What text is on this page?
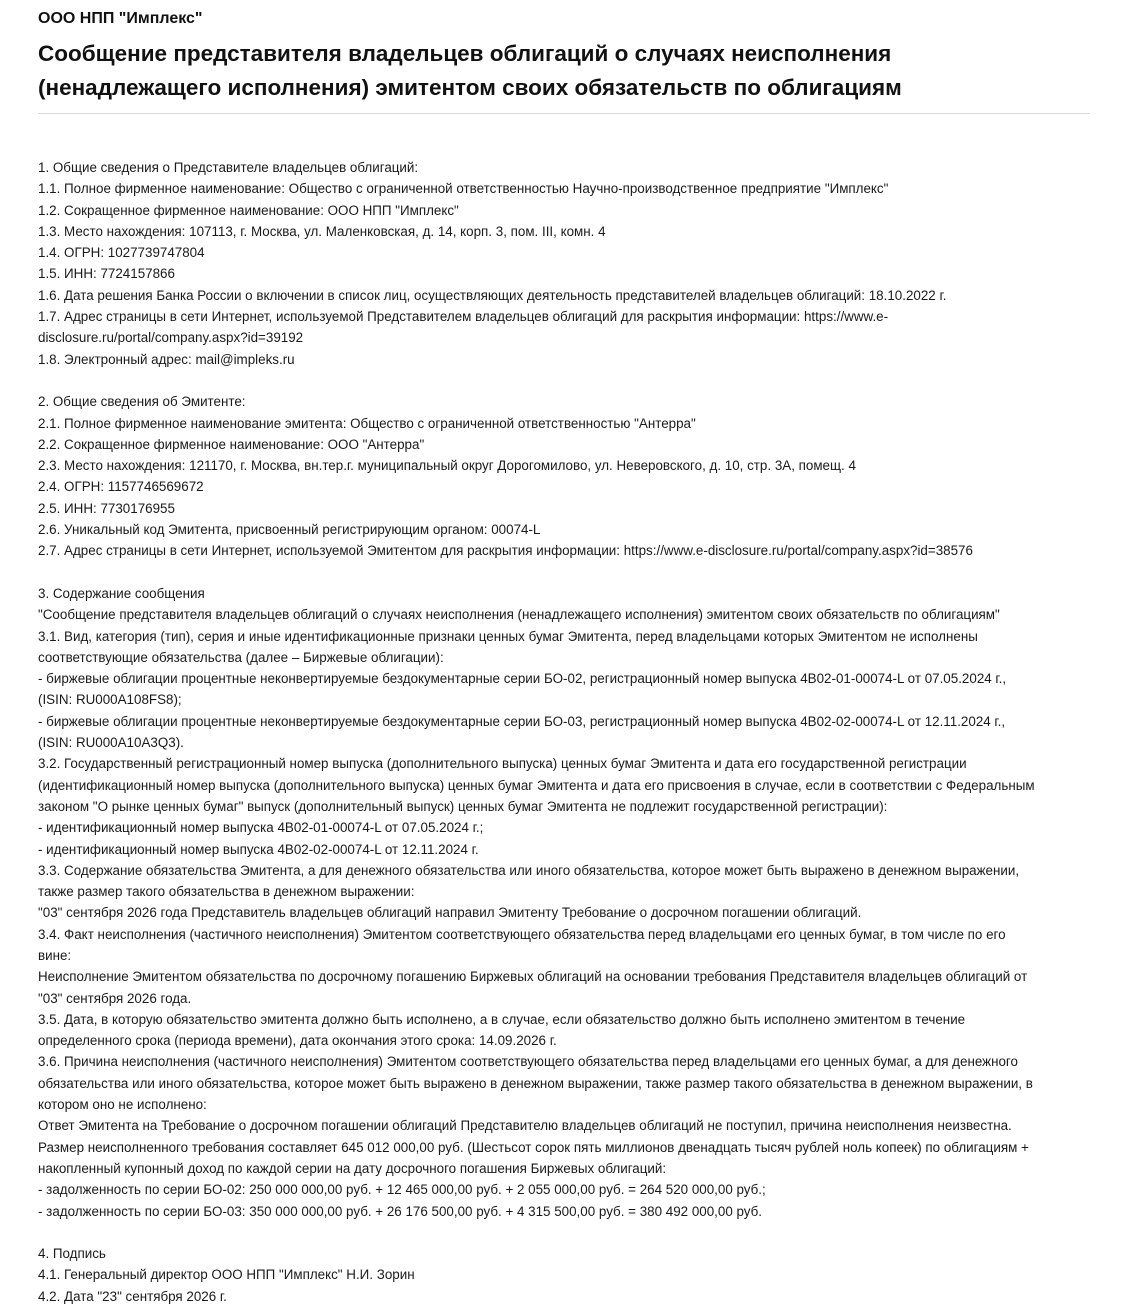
ООО НПП "Имплекс"
Сообщение представителя владельцев облигаций о случаях неисполнения
(ненадлежащего исполнения) эмитентом своих обязательств по облигациям
1. Общие сведения о Представителе владельцев облигаций:
1.1. Полное фирменное наименование: Общество с ограниченной ответственностью Научно-производственное предприятие "Имплекс"
1.2. Сокращенное фирменное наименование: ООО НПП "Имплекс"
1.3. Место нахождения: 107113, г. Москва, ул. Маленковская, д. 14, корп. 3, пом. III, комн. 4
1.4. ОГРН: 1027739747804
1.5. ИНН: 7724157866
1.6. Дата решения Банка России о включении в список лиц, осуществляющих деятельность представителей владельцев облигаций: 18.10.2022 г.
1.7. Адрес страницы в сети Интернет, используемой Представителем владельцев облигаций для раскрытия информации: https://www.e-
disclosure.ru/portal/company.aspx?id=39192
1.8. Электронный адрес: mail@impleks.ru
2. Общие сведения об Эмитенте:
2.1. Полное фирменное наименование эмитента: Общество с ограниченной ответственностью "Антерра"
2.2. Сокращенное фирменное наименование: ООО "Антерра"
2.3. Место нахождения: 121170, г. Москва, вн.тер.г. муниципальный округ Дорогомилово, ул. Неверовского, д. 10, стр. 3А, помещ. 4
2.4. ОГРН: 1157746569672
2.5. ИНН: 7730176955
2.6. Уникальный код Эмитента, присвоенный регистрирующим органом: 00074-L
2.7. Адрес страницы в сети Интернет, используемой Эмитентом для раскрытия информации: https://www.e-disclosure.ru/portal/company.aspx?id=38576
3. Содержание сообщения
"Сообщение представителя владельцев облигаций о случаях неисполнения (ненадлежащего исполнения) эмитентом своих обязательств по облигациям"
3.1. Вид, категория (тип), серия и иные идентификационные признаки ценных бумаг Эмитента, перед владельцами которых Эмитентом не исполнены
соответствующие обязательства (далее – Биржевые облигации):
- биржевые облигации процентные неконвертируемые бездокументарные серии БО-02, регистрационный номер выпуска 4B02-01-00074-L от 07.05.2024 г.,
(ISIN: RU000A108FS8);
- биржевые облигации процентные неконвертируемые бездокументарные серии БО-03, регистрационный номер выпуска 4B02-02-00074-L от 12.11.2024 г.,
(ISIN: RU000A10A3Q3).
3.2. Государственный регистрационный номер выпуска (дополнительного выпуска) ценных бумаг Эмитента и дата его государственной регистрации
(идентификационный номер выпуска (дополнительного выпуска) ценных бумаг Эмитента и дата его присвоения в случае, если в соответствии с Федеральным
законом "О рынке ценных бумаг" выпуск (дополнительный выпуск) ценных бумаг Эмитента не подлежит государственной регистрации):
- идентификационный номер выпуска 4B02-01-00074-L от 07.05.2024 г.;
- идентификационный номер выпуска 4B02-02-00074-L от 12.11.2024 г.
3.3. Содержание обязательства Эмитента, а для денежного обязательства или иного обязательства, которое может быть выражено в денежном выражении,
также размер такого обязательства в денежном выражении:
"03" сентября 2026 года Представитель владельцев облигаций направил Эмитенту Требование о досрочном погашении облигаций.
3.4. Факт неисполнения (частичного неисполнения) Эмитентом соответствующего обязательства перед владельцами его ценных бумаг, в том числе по его
вине:
Неисполнение Эмитентом обязательства по досрочному погашению Биржевых облигаций на основании требования Представителя владельцев облигаций от
"03" сентября 2026 года.
3.5. Дата, в которую обязательство эмитента должно быть исполнено, а в случае, если обязательство должно быть исполнено эмитентом в течение
определенного срока (периода времени), дата окончания этого срока: 14.09.2026 г.
3.6. Причина неисполнения (частичного неисполнения) Эмитентом соответствующего обязательства перед владельцами его ценных бумаг, а для денежного
обязательства или иного обязательства, которое может быть выражено в денежном выражении, также размер такого обязательства в денежном выражении, в
котором оно не исполнено:
Ответ Эмитента на Требование о досрочном погашении облигаций Представителю владельцев облигаций не поступил, причина неисполнения неизвестна.
Размер неисполненного требования составляет 645 012 000,00 руб. (Шестьсот сорок пять миллионов двенадцать тысяч рублей ноль копеек) по облигациям +
накопленный купонный доход по каждой серии на дату досрочного погашения Биржевых облигаций:
- задолженность по серии БО-02: 250 000 000,00 руб. + 12 465 000,00 руб. + 2 055 000,00 руб. = 264 520 000,00 руб.;
- задолженность по серии БО-03: 350 000 000,00 руб. + 26 176 500,00 руб. + 4 315 500,00 руб. = 380 492 000,00 руб.
4. Подпись
4.1. Генеральный директор ООО НПП "Имплекс" Н.И. Зорин
4.2. Дата "23" сентября 2026 г.
